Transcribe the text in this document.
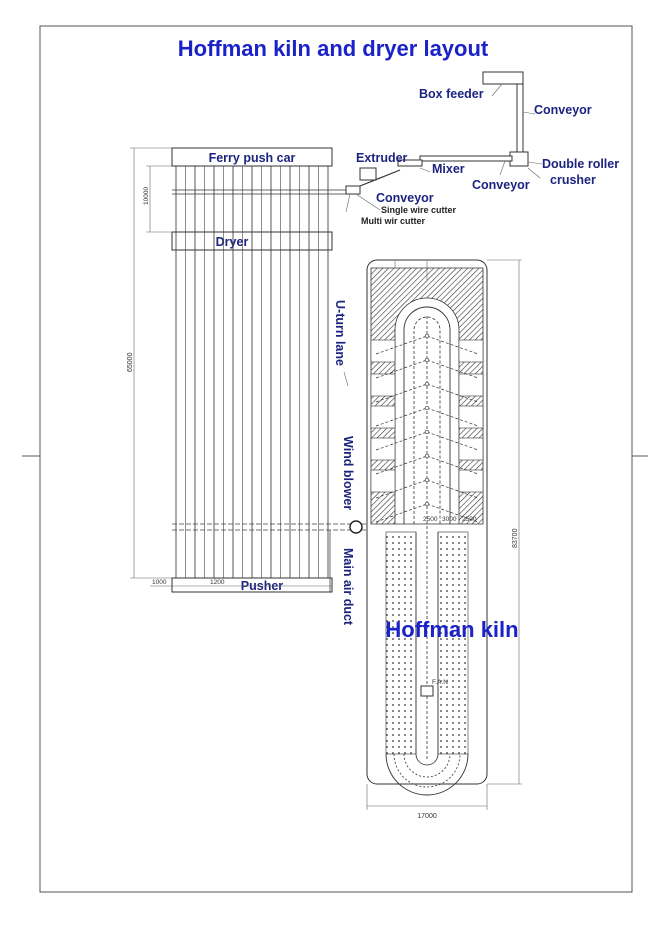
Hoffman kiln and dryer layout
Box feeder
Conveyor
Double roller
crusher
Conveyor
Mixer
Extruder
Conveyor
Single wire cutter
Multi wir cutter
Ferry push car
Dryer
Pusher
10000
65000
1000	1200
U-turn lane
Wind blower
Main air duct
F.A.N
2500 3000 2500
83700
17000
Hoffman kiln
